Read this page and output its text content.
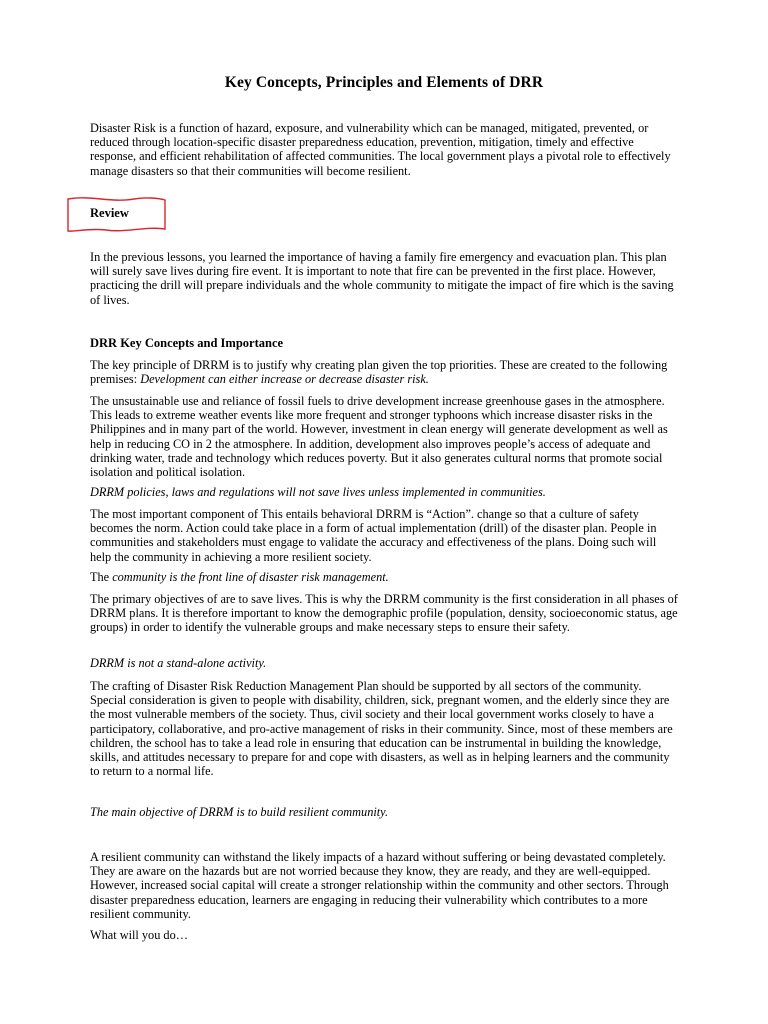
Key Concepts, Principles and Elements of DRR

Disaster Risk is a function of hazard, exposure, and vulnerability which can be managed, mitigated, prevented, or reduced through location-specific disaster preparedness education, prevention, mitigation, timely and effective response, and efficient rehabilitation of affected communities. The local government plays a pivotal role to effectively manage disasters so that their communities will become resilient.

Review

In the previous lessons, you learned the importance of having a family fire emergency and evacuation plan. This plan will surely save lives during fire event. It is important to note that fire can be prevented in the first place. However, practicing the drill will prepare individuals and the whole community to mitigate the impact of fire which is the saving of lives.

DRR Key Concepts and Importance

The key principle of DRRM is to justify why creating plan given the top priorities. These are created to the following premises: Development can either increase or decrease disaster risk.

The unsustainable use and reliance of fossil fuels to drive development increase greenhouse gases in the atmosphere. This leads to extreme weather events like more frequent and stronger typhoons which increase disaster risks in the Philippines and in many part of the world. However, investment in clean energy will generate development as well as help in reducing CO in 2 the atmosphere. In addition, development also improves people’s access of adequate and drinking water, trade and technology which reduces poverty. But it also generates cultural norms that promote social isolation and political isolation.

DRRM policies, laws and regulations will not save lives unless implemented in communities.

The most important component of This entails behavioral DRRM is “Action”. change so that a culture of safety becomes the norm. Action could take place in a form of actual implementation (drill) of the disaster plan. People in communities and stakeholders must engage to validate the accuracy and effectiveness of the plans. Doing such will help the community in achieving a more resilient society.

The community is the front line of disaster risk management.

The primary objectives of are to save lives. This is why the DRRM community is the first consideration in all phases of DRRM plans. It is therefore important to know the demographic profile (population, density, socioeconomic status, age groups) in order to identify the vulnerable groups and make necessary steps to ensure their safety.

DRRM is not a stand-alone activity.

The crafting of Disaster Risk Reduction Management Plan should be supported by all sectors of the community. Special consideration is given to people with disability, children, sick, pregnant women, and the elderly since they are the most vulnerable members of the society. Thus, civil society and their local government works closely to have a participatory, collaborative, and pro-active management of risks in their community. Since, most of these members are children, the school has to take a lead role in ensuring that education can be instrumental in building the knowledge, skills, and attitudes necessary to prepare for and cope with disasters, as well as in helping learners and the community to return to a normal life.

The main objective of DRRM is to build resilient community.

A resilient community can withstand the likely impacts of a hazard without suffering or being devastated completely. They are aware on the hazards but are not worried because they know, they are ready, and they are well-equipped. However, increased social capital will create a stronger relationship within the community and other sectors. Through disaster preparedness education, learners are engaging in reducing their vulnerability which contributes to a more resilient community.

What will you do…
